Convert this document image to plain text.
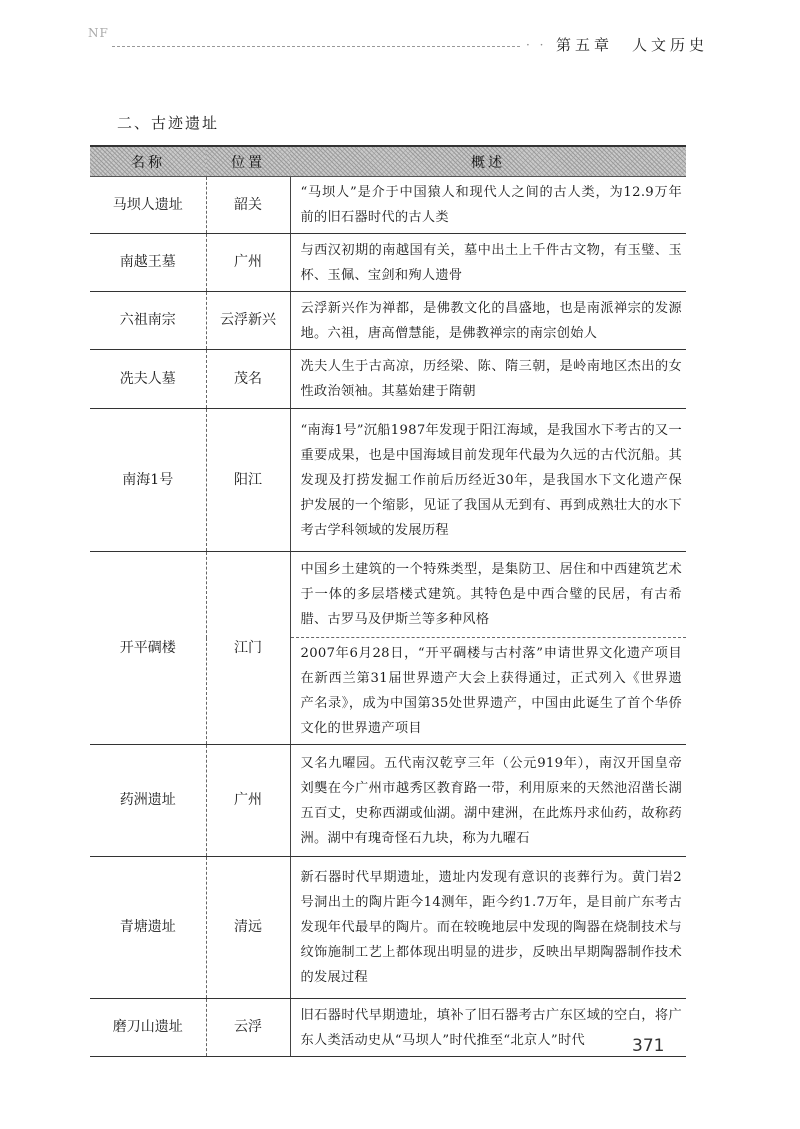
NF
· · 第五章　人文历史
二、古迹遗址
名称	位置	概述
马坝人遗址	韶关	“马坝人”是介于中国猿人和现代人之间的古人类，为12.9万年前的旧石器时代的古人类
南越王墓	广州	与西汉初期的南越国有关，墓中出土上千件古文物，有玉璧、玉杯、玉佩、宝剑和殉人遗骨
六祖南宗	云浮新兴	云浮新兴作为禅都，是佛教文化的昌盛地，也是南派禅宗的发源地。六祖，唐高僧慧能，是佛教禅宗的南宗创始人
冼夫人墓	茂名	冼夫人生于古高凉，历经梁、陈、隋三朝，是岭南地区杰出的女性政治领袖。其墓始建于隋朝
南海1号	阳江	“南海1号”沉船1987年发现于阳江海域，是我国水下考古的又一重要成果，也是中国海域目前发现年代最为久远的古代沉船。其发现及打捞发掘工作前后历经近30年，是我国水下文化遗产保护发展的一个缩影，见证了我国从无到有、再到成熟壮大的水下考古学科领域的发展历程
开平碉楼	江门	中国乡土建筑的一个特殊类型，是集防卫、居住和中西建筑艺术于一体的多层塔楼式建筑。其特色是中西合璧的民居，有古希腊、古罗马及伊斯兰等多种风格
		2007年6月28日，“开平碉楼与古村落”申请世界文化遗产项目在新西兰第31届世界遗产大会上获得通过，正式列入《世界遗产名录》，成为中国第35处世界遗产，中国由此诞生了首个华侨文化的世界遗产项目
药洲遗址	广州	又名九曜园。五代南汉乾亨三年（公元919年），南汉开国皇帝刘龑在今广州市越秀区教育路一带，利用原来的天然池沼凿长湖五百丈，史称西湖或仙湖。湖中建洲，在此炼丹求仙药，故称药洲。湖中有瑰奇怪石九块，称为九曜石
青塘遗址	清远	新石器时代早期遗址，遗址内发现有意识的丧葬行为。黄门岩2号洞出土的陶片距今14测年，距今约1.7万年，是目前广东考古发现年代最早的陶片。而在较晚地层中发现的陶器在烧制技术与纹饰施制工艺上都体现出明显的进步，反映出早期陶器制作技术的发展过程
磨刀山遗址	云浮	旧石器时代早期遗址，填补了旧石器考古广东区域的空白，将广东人类活动史从“马坝人”时代推至“北京人”时代	371
